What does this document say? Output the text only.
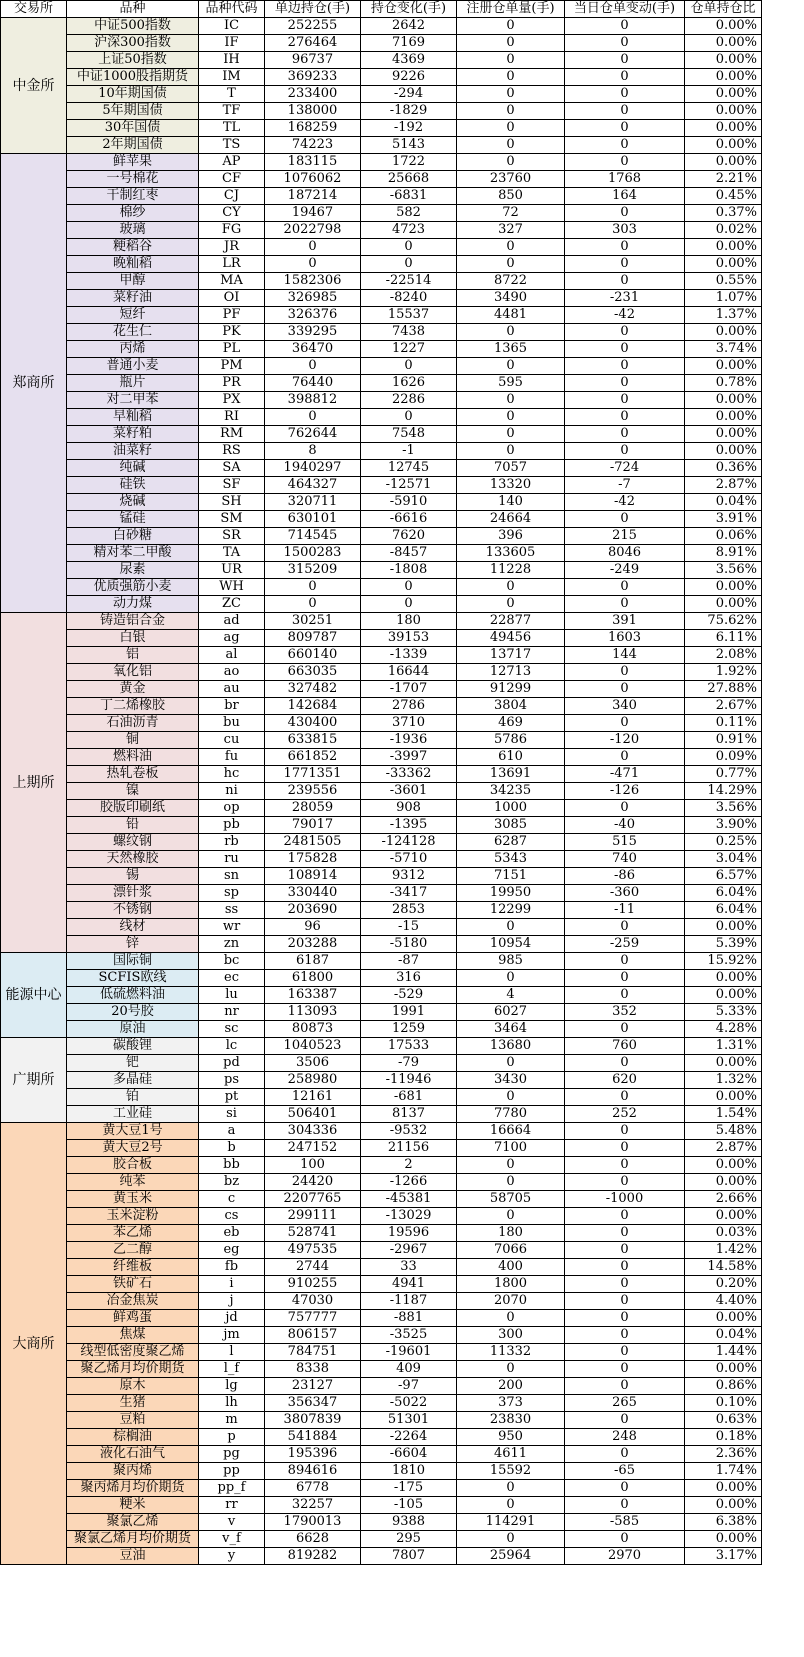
交易所	品种	品种代码	单边持仓(手)	持仓变化(手)	注册仓单量(手)	当日仓单变动(手)	仓单持仓比
中金所	中证500指数	IC	252255	2642	0	0	0.00%
	沪深300指数	IF	276464	7169	0	0	0.00%
	上证50指数	IH	96737	4369	0	0	0.00%
	中证1000股指期货	IM	369233	9226	0	0	0.00%
	10年期国债	T	233400	-294	0	0	0.00%
	5年期国债	TF	138000	-1829	0	0	0.00%
	30年国债	TL	168259	-192	0	0	0.00%
	2年期国债	TS	74223	5143	0	0	0.00%
郑商所	鲜苹果	AP	183115	1722	0	0	0.00%
	一号棉花	CF	1076062	25668	23760	1768	2.21%
	干制红枣	CJ	187214	-6831	850	164	0.45%
	棉纱	CY	19467	582	72	0	0.37%
	玻璃	FG	2022798	4723	327	303	0.02%
	粳稻谷	JR	0	0	0	0	0.00%
	晚籼稻	LR	0	0	0	0	0.00%
	甲醇	MA	1582306	-22514	8722	0	0.55%
	菜籽油	OI	326985	-8240	3490	-231	1.07%
	短纤	PF	326376	15537	4481	-42	1.37%
	花生仁	PK	339295	7438	0	0	0.00%
	丙烯	PL	36470	1227	1365	0	3.74%
	普通小麦	PM	0	0	0	0	0.00%
	瓶片	PR	76440	1626	595	0	0.78%
	对二甲苯	PX	398812	2286	0	0	0.00%
	早籼稻	RI	0	0	0	0	0.00%
	菜籽粕	RM	762644	7548	0	0	0.00%
	油菜籽	RS	8	-1	0	0	0.00%
	纯碱	SA	1940297	12745	7057	-724	0.36%
	硅铁	SF	464327	-12571	13320	-7	2.87%
	烧碱	SH	320711	-5910	140	-42	0.04%
	锰硅	SM	630101	-6616	24664	0	3.91%
	白砂糖	SR	714545	7620	396	215	0.06%
	精对苯二甲酸	TA	1500283	-8457	133605	8046	8.91%
	尿素	UR	315209	-1808	11228	-249	3.56%
	优质强筋小麦	WH	0	0	0	0	0.00%
	动力煤	ZC	0	0	0	0	0.00%
上期所	铸造铝合金	ad	30251	180	22877	391	75.62%
	白银	ag	809787	39153	49456	1603	6.11%
	铝	al	660140	-1339	13717	144	2.08%
	氧化铝	ao	663035	16644	12713	0	1.92%
	黄金	au	327482	-1707	91299	0	27.88%
	丁二烯橡胶	br	142684	2786	3804	340	2.67%
	石油沥青	bu	430400	3710	469	0	0.11%
	铜	cu	633815	-1936	5786	-120	0.91%
	燃料油	fu	661852	-3997	610	0	0.09%
	热轧卷板	hc	1771351	-33362	13691	-471	0.77%
	镍	ni	239556	-3601	34235	-126	14.29%
	胶版印刷纸	op	28059	908	1000	0	3.56%
	铅	pb	79017	-1395	3085	-40	3.90%
	螺纹钢	rb	2481505	-124128	6287	515	0.25%
	天然橡胶	ru	175828	-5710	5343	740	3.04%
	锡	sn	108914	9312	7151	-86	6.57%
	漂针浆	sp	330440	-3417	19950	-360	6.04%
	不锈钢	ss	203690	2853	12299	-11	6.04%
	线材	wr	96	-15	0	0	0.00%
	锌	zn	203288	-5180	10954	-259	5.39%
能源中心	国际铜	bc	6187	-87	985	0	15.92%
	SCFIS欧线	ec	61800	316	0	0	0.00%
	低硫燃料油	lu	163387	-529	4	0	0.00%
	20号胶	nr	113093	1991	6027	352	5.33%
	原油	sc	80873	1259	3464	0	4.28%
广期所	碳酸锂	lc	1040523	17533	13680	760	1.31%
	钯	pd	3506	-79	0	0	0.00%
	多晶硅	ps	258980	-11946	3430	620	1.32%
	铂	pt	12161	-681	0	0	0.00%
	工业硅	si	506401	8137	7780	252	1.54%
大商所	黄大豆1号	a	304336	-9532	16664	0	5.48%
	黄大豆2号	b	247152	21156	7100	0	2.87%
	胶合板	bb	100	2	0	0	0.00%
	纯苯	bz	24420	-1266	0	0	0.00%
	黄玉米	c	2207765	-45381	58705	-1000	2.66%
	玉米淀粉	cs	299111	-13029	0	0	0.00%
	苯乙烯	eb	528741	19596	180	0	0.03%
	乙二醇	eg	497535	-2967	7066	0	1.42%
	纤维板	fb	2744	33	400	0	14.58%
	铁矿石	i	910255	4941	1800	0	0.20%
	冶金焦炭	j	47030	-1187	2070	0	4.40%
	鲜鸡蛋	jd	757777	-881	0	0	0.00%
	焦煤	jm	806157	-3525	300	0	0.04%
	线型低密度聚乙烯	l	784751	-19601	11332	0	1.44%
	聚乙烯月均价期货	l_f	8338	409	0	0	0.00%
	原木	lg	23127	-97	200	0	0.86%
	生猪	lh	356347	-5022	373	265	0.10%
	豆粕	m	3807839	51301	23830	0	0.63%
	棕榈油	p	541884	-2264	950	248	0.18%
	液化石油气	pg	195396	-6604	4611	0	2.36%
	聚丙烯	pp	894616	1810	15592	-65	1.74%
	聚丙烯月均价期货	pp_f	6778	-175	0	0	0.00%
	粳米	rr	32257	-105	0	0	0.00%
	聚氯乙烯	v	1790013	9388	114291	-585	6.38%
	聚氯乙烯月均价期货	v_f	6628	295	0	0	0.00%
	豆油	y	819282	7807	25964	2970	3.17%
